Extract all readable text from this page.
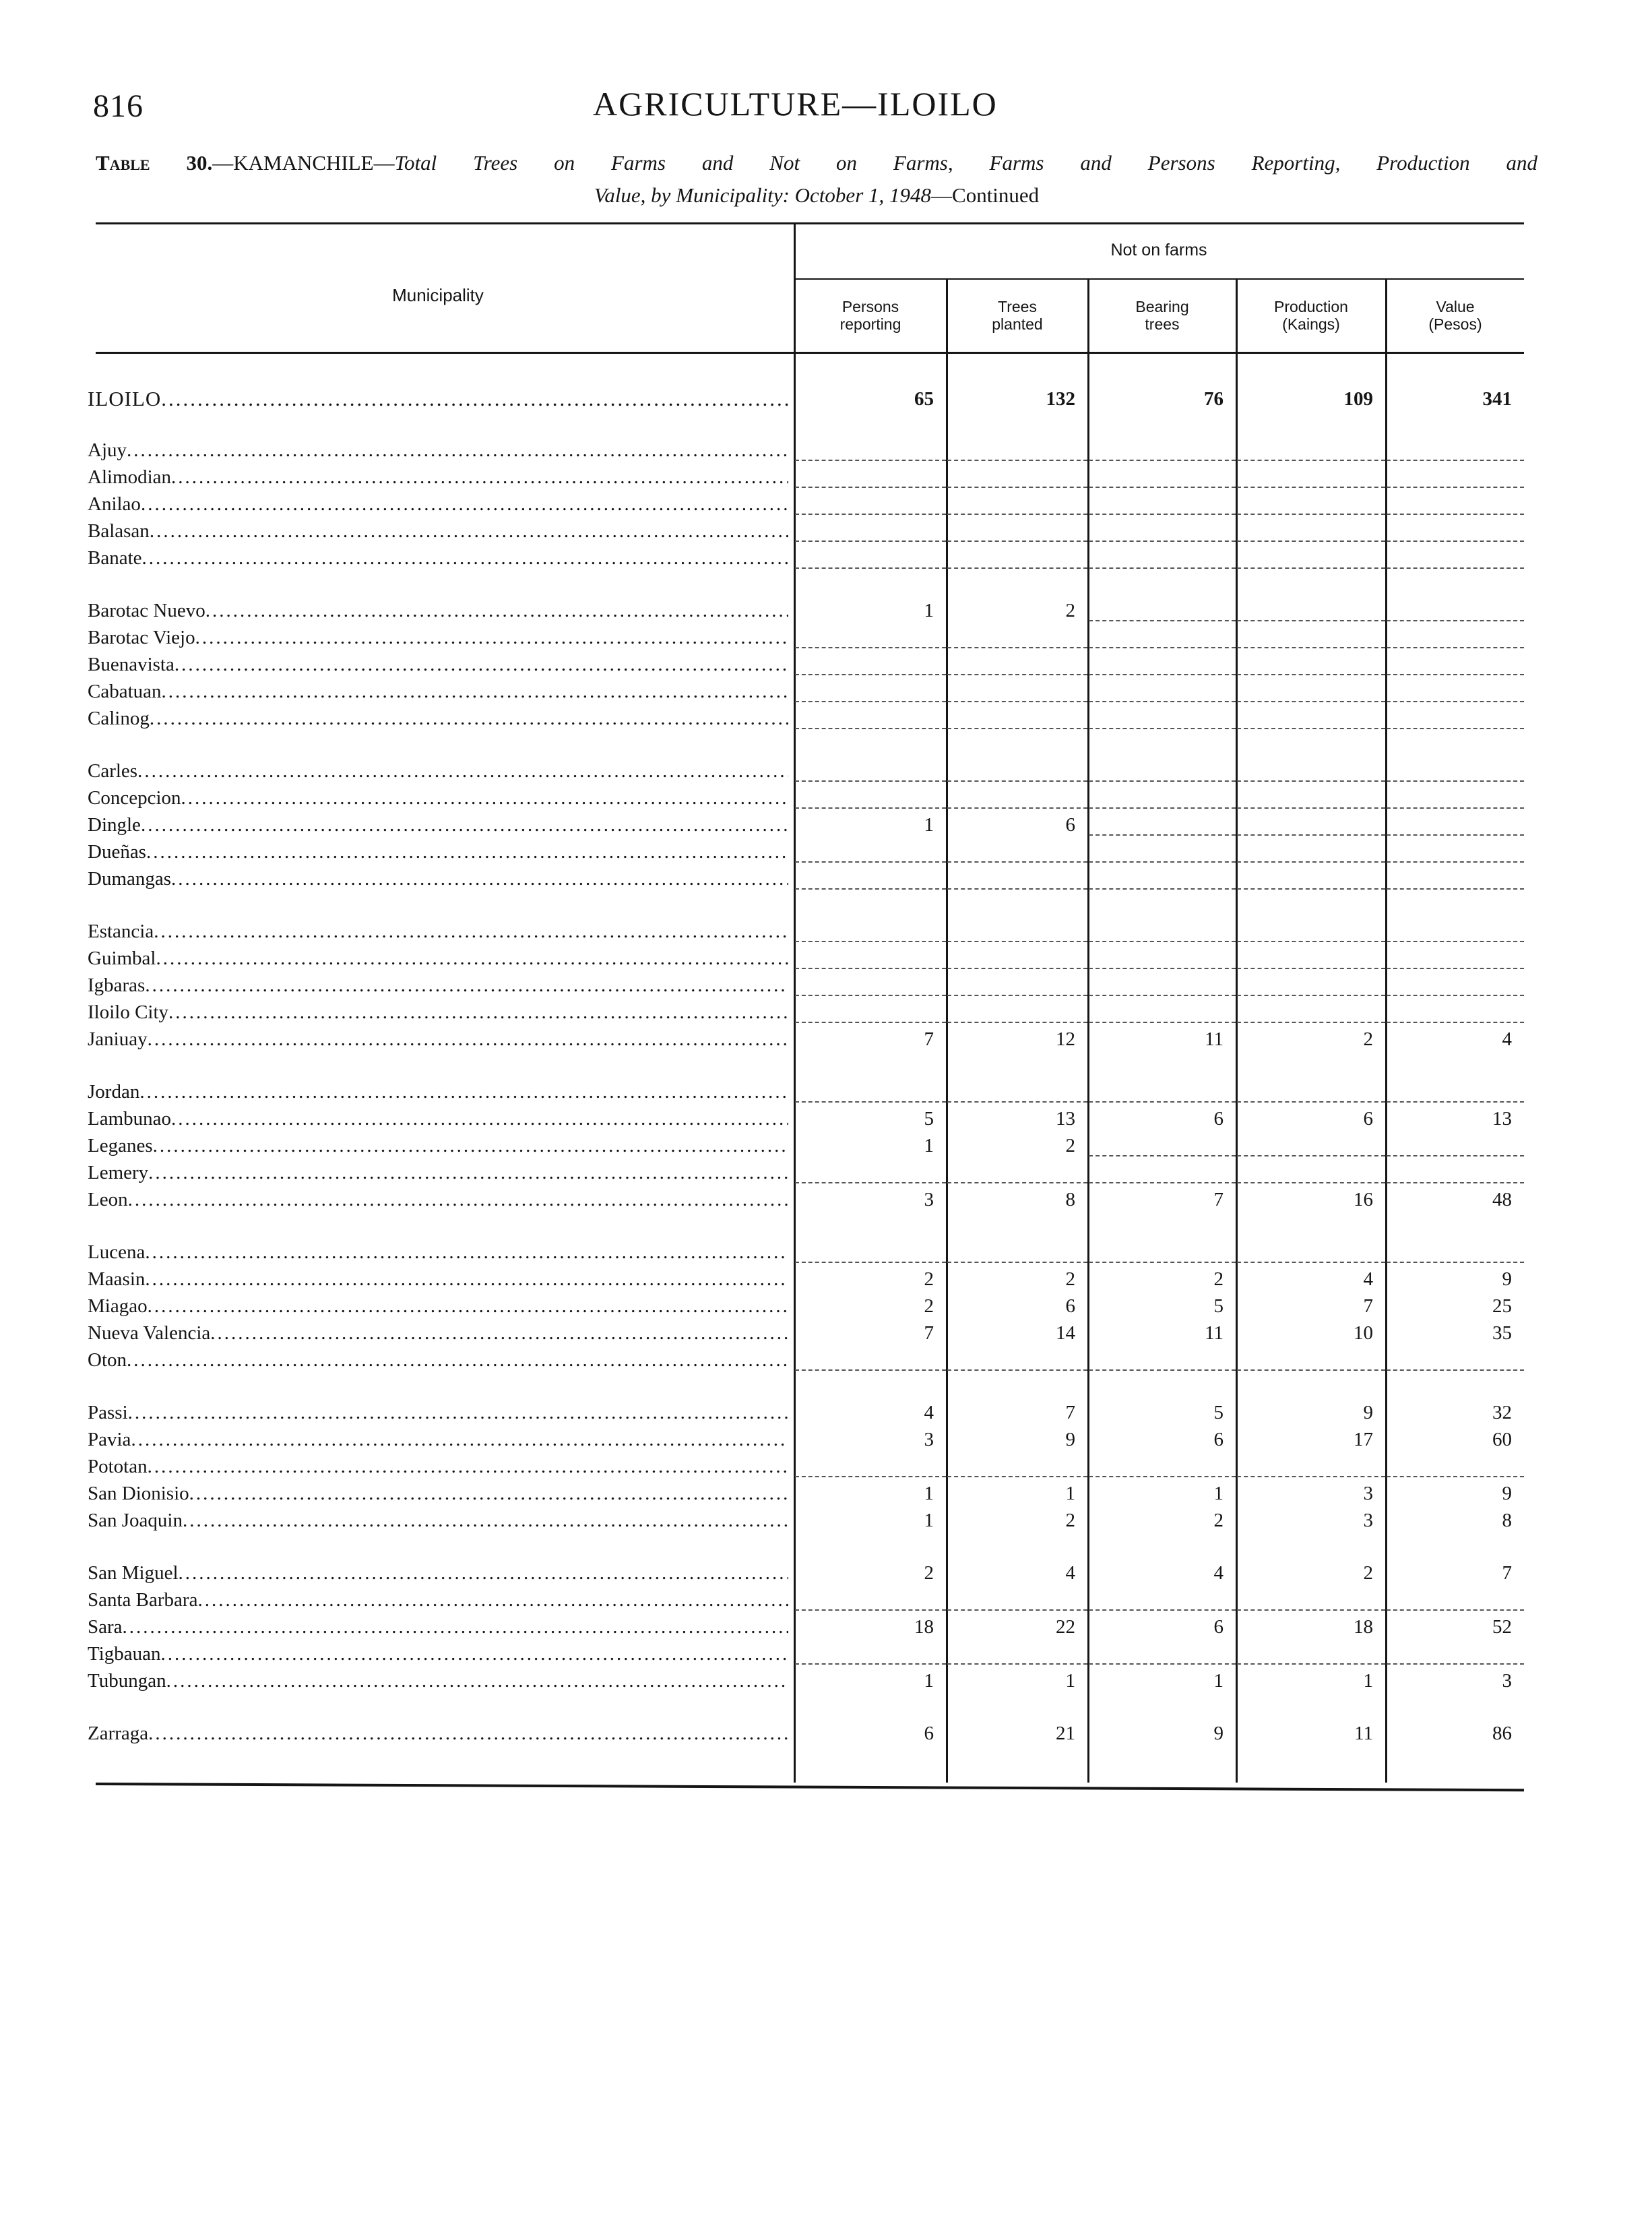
816	AGRICULTURE—ILOILO
Table 30.—KAMANCHILE—Total Trees on Farms and Not on Farms, Farms and Persons Reporting, Production and
Value, by Municipality: October 1, 1948—Continued
Municipality
Not on farms
Persons
reporting
Trees
planted
Bearing
trees
Production
(Kaings)
Value
(Pesos)
ILOILO .....	65	132	76	109	341
Ajuy .....
Alimodian .....
Anilao .....
Balasan .....
Banate .....
Barotac Nuevo .....	1	2
Barotac Viejo .....
Buenavista .....
Cabatuan .....
Calinog .....
Carles .....
Concepcion .....
Dingle .....	1	6
Dueñas .....
Dumangas .....
Estancia .....
Guimbal .....
Igbaras .....
Iloilo City .....
Janiuay .....	7	12	11	2	4
Jordan .....
Lambunao .....	5	13	6	6	13
Leganes .....	1	2
Lemery .....
Leon .....	3	8	7	16	48
Lucena .....
Maasin .....	2	2	2	4	9
Miagao .....	2	6	5	7	25
Nueva Valencia .....	7	14	11	10	35
Oton .....
Passi .....	4	7	5	9	32
Pavia .....	3	9	6	17	60
Pototan .....
San Dionisio .....	1	1	1	3	9
San Joaquin .....	1	2	2	3	8
San Miguel .....	2	4	4	2	7
Santa Barbara .....
Sara .....	18	22	6	18	52
Tigbauan .....
Tubungan .....	1	1	1	1	3
Zarraga .....	6	21	9	11	86
